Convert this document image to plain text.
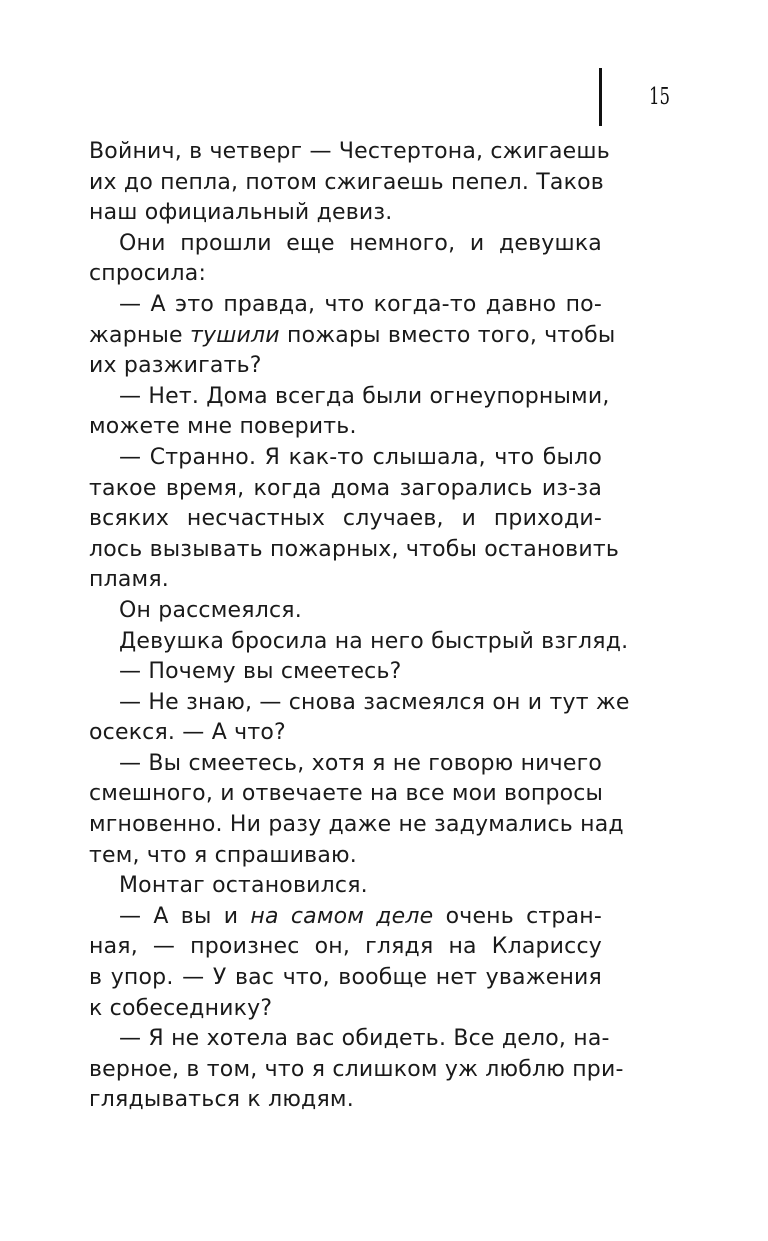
15
Войнич, в четверг — Честертона, сжигаешь
их до пепла, потом сжигаешь пепел. Таков
наш официальный девиз.
Они прошли еще немного, и девушка
спросила:
— А это правда, что когда-то давно по-
жарные тушили пожары вместо того, чтобы
их разжигать?
— Нет. Дома всегда были огнеупорными,
можете мне поверить.
— Странно. Я как-то слышала, что было
такое время, когда дома загорались из-за
всяких несчастных случаев, и приходи-
лось вызывать пожарных, чтобы остановить
пламя.
Он рассмеялся.
Девушка бросила на него быстрый взгляд.
— Почему вы смеетесь?
— Не знаю, — снова засмеялся он и тут же
осекся. — А что?
— Вы смеетесь, хотя я не говорю ничего
смешного, и отвечаете на все мои вопросы
мгновенно. Ни разу даже не задумались над
тем, что я спрашиваю.
Монтаг остановился.
— А вы и на самом деле очень стран-
ная, — произнес он, глядя на Клариссу
в упор. — У вас что, вообще нет уважения
к собеседнику?
— Я не хотела вас обидеть. Все дело, на-
верное, в том, что я слишком уж люблю при-
глядываться к людям.
